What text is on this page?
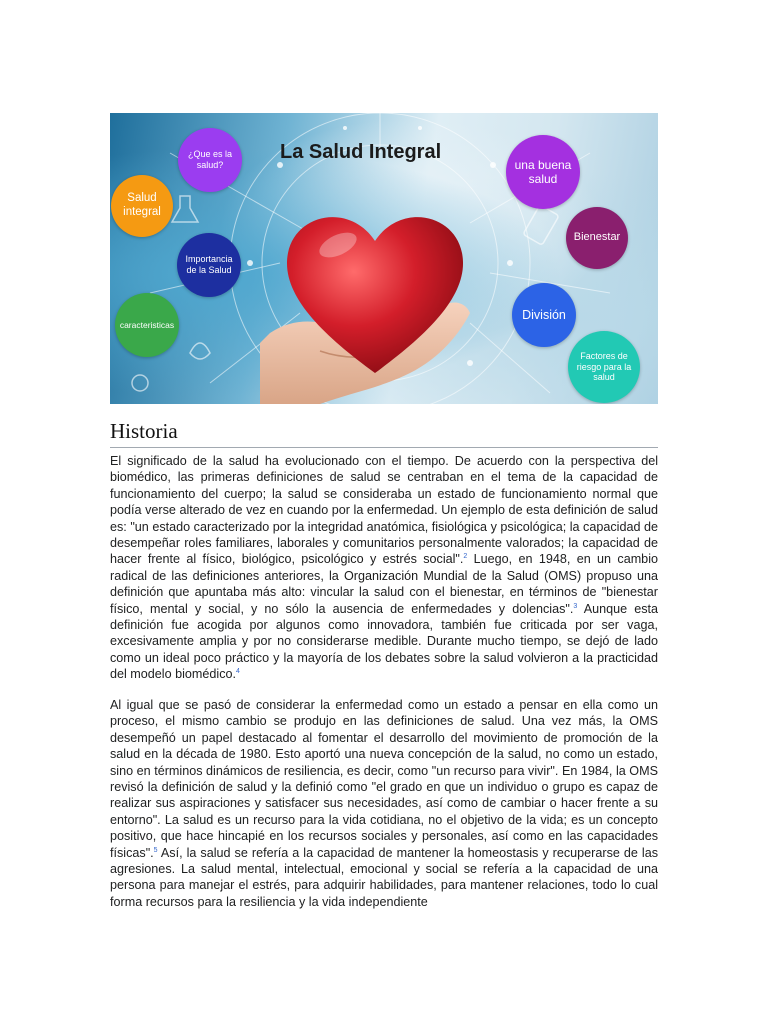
La Salud Integral
¿Que es la salud?
Salud integral
Importancia de la Salud
caracteristicas
una buena salud
Bienestar
División
Factores de riesgo para la salud
Historia

El significado de la salud ha evolucionado con el tiempo. De acuerdo con la perspectiva del biomédico, las primeras definiciones de salud se centraban en el tema de la capacidad de funcionamiento del cuerpo; la salud se consideraba un estado de funcionamiento normal que podía verse alterado de vez en cuando por la enfermedad. Un ejemplo de esta definición de salud es: "un estado caracterizado por la integridad anatómica, fisiológica y psicológica; la capacidad de desempeñar roles familiares, laborales y comunitarios personalmente valorados; la capacidad de hacer frente al físico, biológico, psicológico y estrés social".$^2$ Luego, en 1948, en un cambio radical de las definiciones anteriores, la Organización Mundial de la Salud (OMS) propuso una definición que apuntaba más alto: vincular la salud con el bienestar, en términos de "bienestar físico, mental y social, y no sólo la ausencia de enfermedades y dolencias".$^3$ Aunque esta definición fue acogida por algunos como innovadora, también fue criticada por ser vaga, excesivamente amplia y por no considerarse medible. Durante mucho tiempo, se dejó de lado como un ideal poco práctico y la mayoría de los debates sobre la salud volvieron a la practicidad del modelo biomédico.$^4$

Al igual que se pasó de considerar la enfermedad como un estado a pensar en ella como un proceso, el mismo cambio se produjo en las definiciones de salud. Una vez más, la OMS desempeñó un papel destacado al fomentar el desarrollo del movimiento de promoción de la salud en la década de 1980. Esto aportó una nueva concepción de la salud, no como un estado, sino en términos dinámicos de resiliencia, es decir, como "un recurso para vivir". En 1984, la OMS revisó la definición de salud y la definió como "el grado en que un individuo o grupo es capaz de realizar sus aspiraciones y satisfacer sus necesidades, así como de cambiar o hacer frente a su entorno". La salud es un recurso para la vida cotidiana, no el objetivo de la vida; es un concepto positivo, que hace hincapié en los recursos sociales y personales, así como en las capacidades físicas".$^5$ Así, la salud se refería a la capacidad de mantener la homeostasis y recuperarse de las agresiones. La salud mental, intelectual, emocional y social se refería a la capacidad de una persona para manejar el estrés, para adquirir habilidades, para mantener relaciones, todo lo cual forma recursos para la resiliencia y la vida independiente
